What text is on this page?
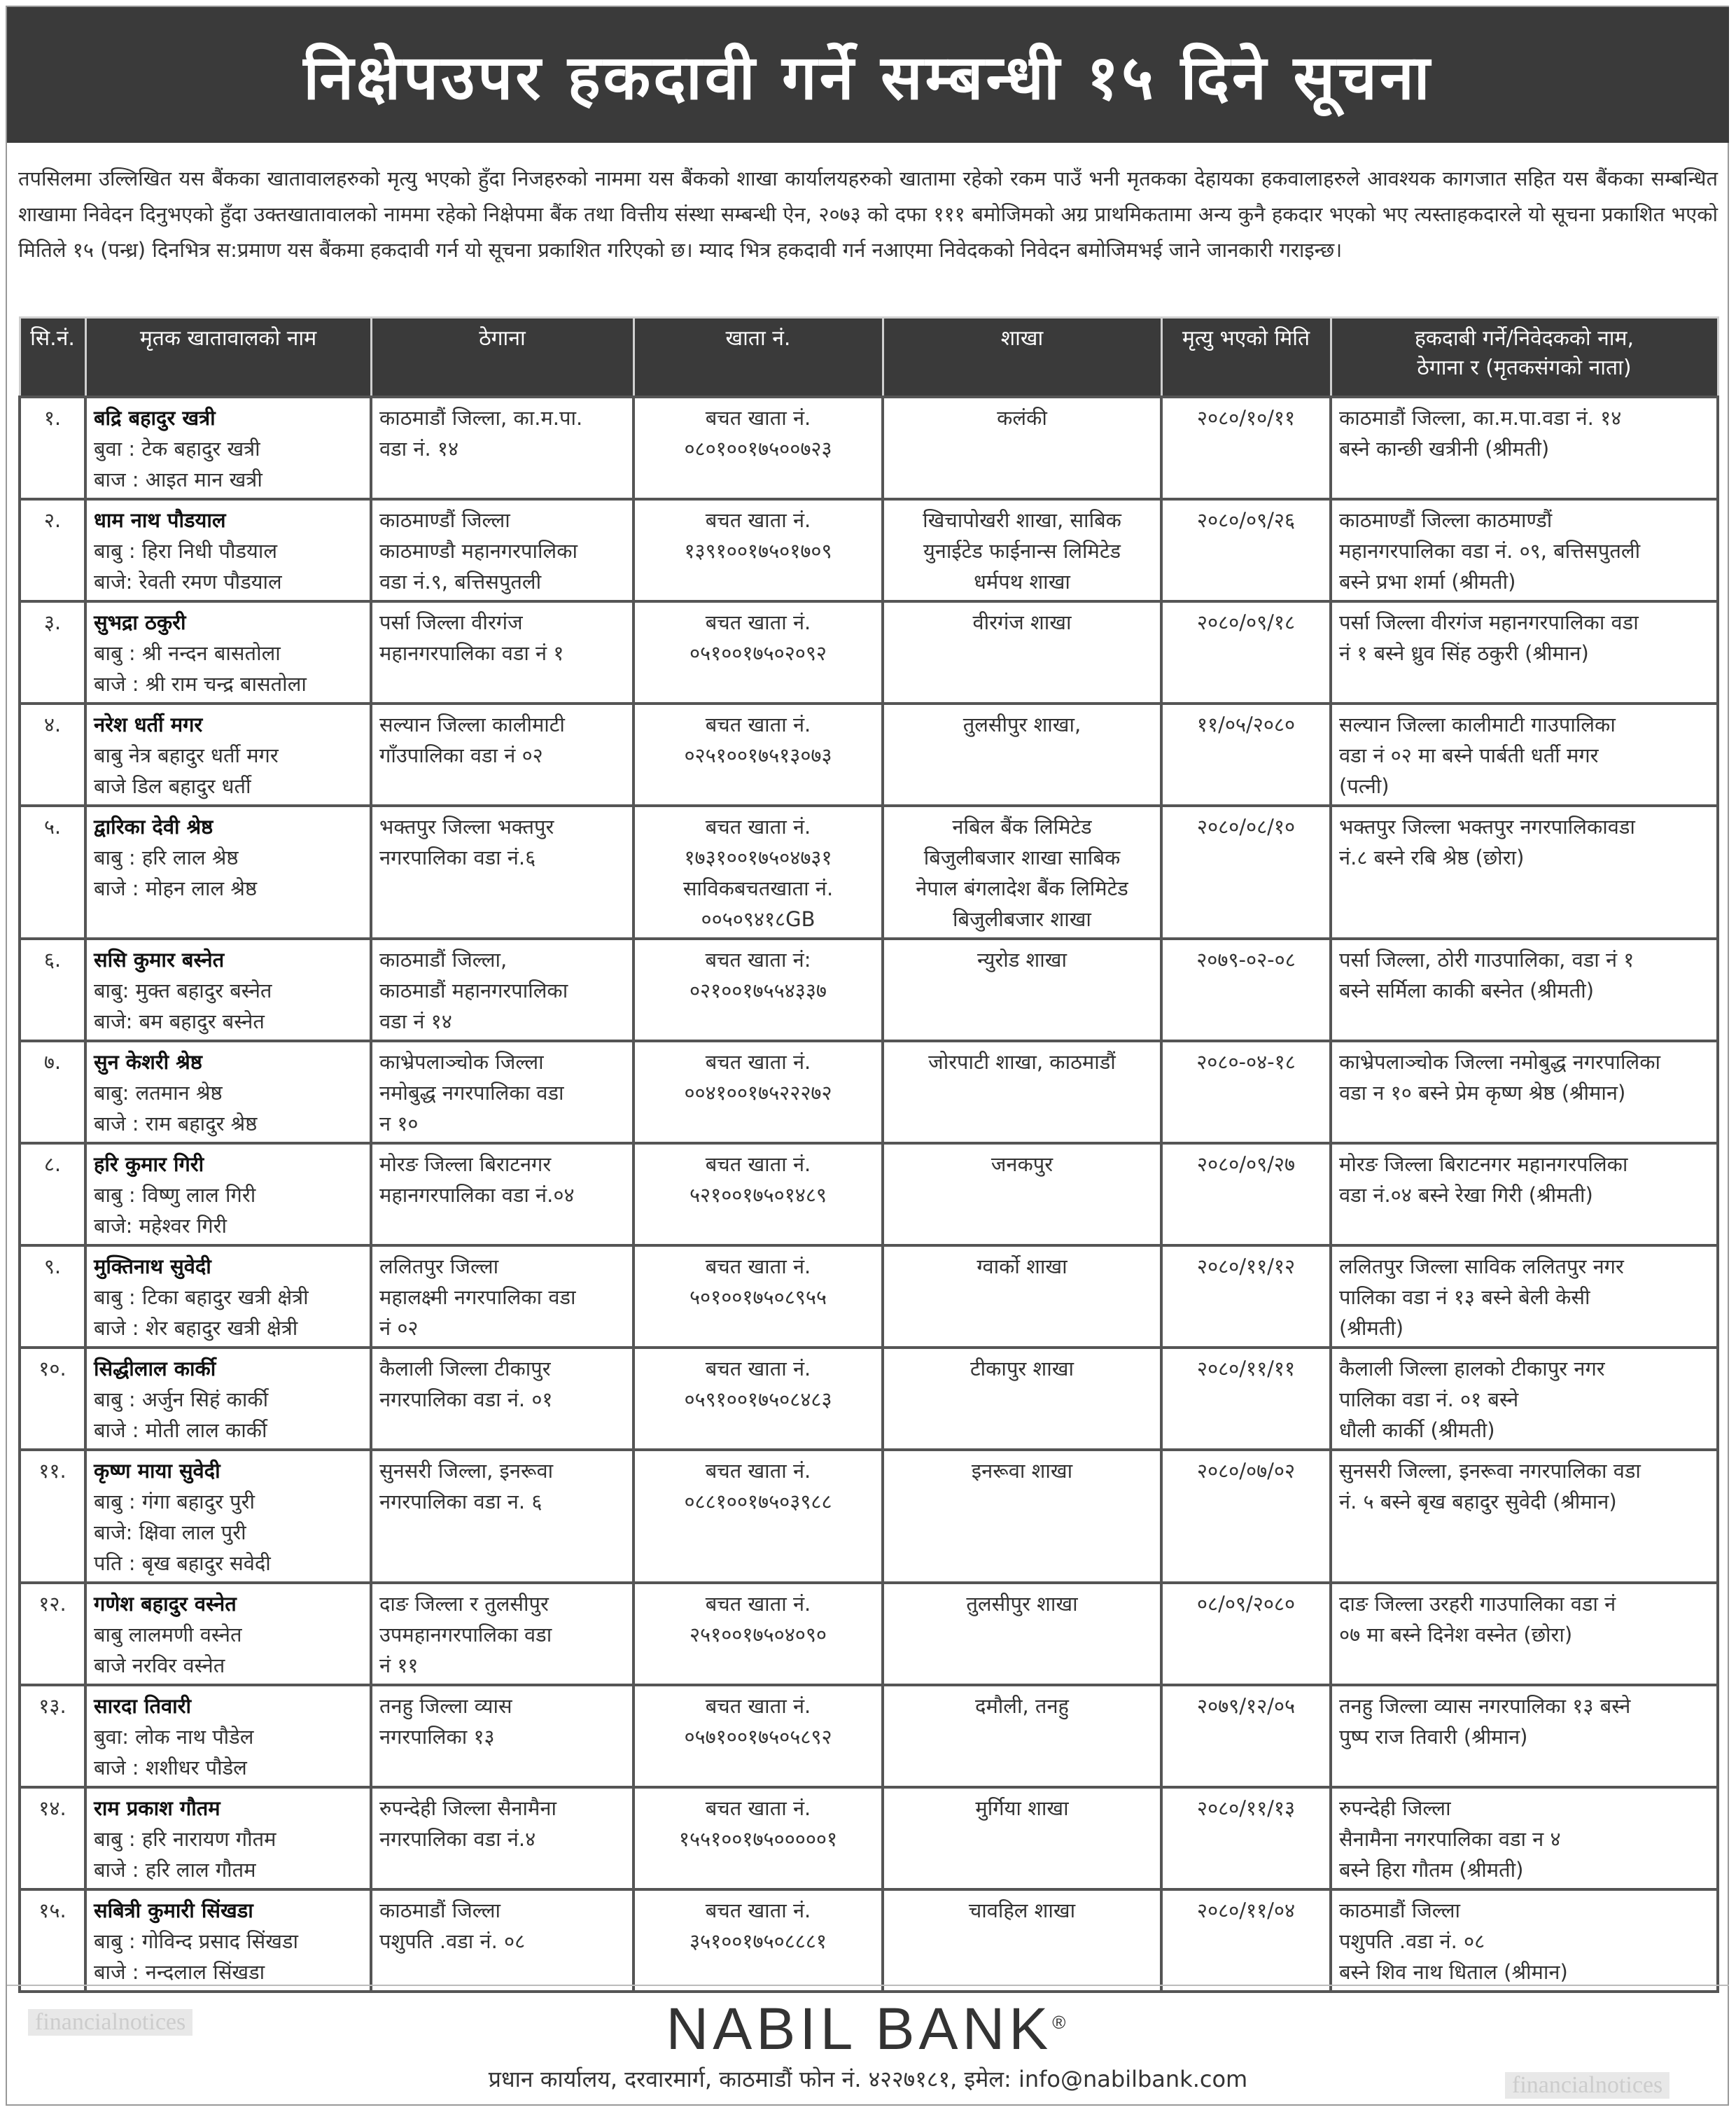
निक्षेपउपर हकदावी गर्ने सम्बन्धी १५ दिने सूचना
तपसिलमा उल्लिखित यस बैंकका खातावालहरुको मृत्यु भएको हुँदा निजहरुको नाममा यस बैंकको शाखा कार्यालयहरुको खातामा रहेको रकम पाउँ भनी मृतकका देहायका हकवालाहरुले आवश्यक कागजात सहित यस बैंकका सम्बन्धित शाखामा निवेदन दिनुभएको हुँदा उक्तखातावालको नाममा रहेको निक्षेपमा बैंक तथा वित्तीय संस्था सम्बन्धी ऐन, २०७३ को दफा १११ बमोजिमको अग्र प्राथमिकतामा अन्य कुनै हकदार भएको भए त्यस्ताहकदारले यो सूचना प्रकाशित भएको मितिले १५ (पन्ध्र) दिनभित्र स:प्रमाण यस बैंकमा हकदावी गर्न यो सूचना प्रकाशित गरिएको छ। म्याद भित्र हकदावी गर्न नआएमा निवेदकको निवेदन बमोजिमभई जाने जानकारी गराइन्छ।
सि.नं.	मृतक खातावालको नाम	ठेगाना	खाता नं.	शाखा	मृत्यु भएको मिति	हकदाबी गर्ने/निवेदकको नाम,
ठेगाना र (मृतकसंगको नाता)
१.	बद्रि बहादुर खत्री
बुवा : टेक बहादुर खत्री
बाज : आइत मान खत्री	काठमाडौं जिल्ला, का.म.पा.
वडा नं. १४	बचत खाता नं.
०८०१००१७५००७२३	कलंकी	२०८०/१०/११	काठमाडौं जिल्ला, का.म.पा.वडा नं. १४
बस्ने कान्छी खत्रीनी (श्रीमती)
२.	धाम नाथ पौडयाल
बाबु : हिरा निधी पौडयाल
बाजे: रेवती रमण पौडयाल	काठमाण्डौं जिल्ला
काठमाण्डौ महानगरपालिका
वडा नं.९, बत्तिसपुतली	बचत खाता नं.
१३९१००१७५०१७०९	खिचापोखरी शाखा, साबिक
युनाईटेड फाईनान्स लिमिटेड
धर्मपथ शाखा	२०८०/०९/२६	काठमाण्डौं जिल्ला काठमाण्डौं
महानगरपालिका वडा नं. ०९, बत्तिसपुतली
बस्ने प्रभा शर्मा (श्रीमती)
३.	सुभद्रा ठकुरी
बाबु : श्री नन्दन बासतोला
बाजे : श्री राम चन्द्र बासतोला	पर्सा जिल्ला वीरगंज
महानगरपालिका वडा नं १	बचत खाता नं.
०५१००१७५०२०९२	वीरगंज शाखा	२०८०/०९/१८	पर्सा जिल्ला वीरगंज महानगरपालिका वडा
नं १ बस्ने ध्रुव सिंह ठकुरी (श्रीमान)
४.	नरेश धर्ती मगर
बाबु नेत्र बहादुर धर्ती मगर
बाजे डिल बहादुर धर्ती	सल्यान जिल्ला कालीमाटी
गाँउपालिका वडा नं ०२	बचत खाता नं.
०२५१००१७५१३०७३	तुलसीपुर शाखा,	११/०५/२०८०	सल्यान जिल्ला कालीमाटी गाउपालिका
वडा नं ०२ मा बस्ने पार्बती धर्ती मगर
(पत्नी)
५.	द्वारिका देवी श्रेष्ठ
बाबु : हरि लाल श्रेष्ठ
बाजे : मोहन लाल श्रेष्ठ	भक्तपुर जिल्ला भक्तपुर
नगरपालिका वडा नं.६	बचत खाता नं.
१७३१००१७५०४७३१
साविकबचतखाता नं.
००५०९४१८GB	नबिल बैंक लिमिटेड
बिजुलीबजार शाखा साबिक
नेपाल बंगलादेश बैंक लिमिटेड
बिजुलीबजार शाखा	२०८०/०८/१०	भक्तपुर जिल्ला भक्तपुर नगरपालिकावडा
नं.८ बस्ने रबि श्रेष्ठ (छोरा)
६.	ससि कुमार बस्नेत
बाबु: मुक्त बहादुर बस्नेत
बाजे: बम बहादुर बस्नेत	काठमाडौं जिल्ला,
काठमाडौं महानगरपालिका
वडा नं १४	बचत खाता नं:
०२१००१७५५४३३७	न्युरोड शाखा	२०७९-०२-०८	पर्सा जिल्ला, ठोरी गाउपालिका, वडा नं १
बस्ने सर्मिला काकी बस्नेत (श्रीमती)
७.	सुन केशरी श्रेष्ठ
बाबु: लतमान श्रेष्ठ
बाजे : राम बहादुर श्रेष्ठ	काभ्रेपलाञ्चोक जिल्ला
नमोबुद्ध नगरपालिका वडा
न १०	बचत खाता नं.
००४१००१७५२२२७२	जोरपाटी शाखा, काठमाडौं	२०८०-०४-१८	काभ्रेपलाञ्चोक जिल्ला नमोबुद्ध नगरपालिका
वडा न १० बस्ने प्रेम कृष्ण श्रेष्ठ (श्रीमान)
८.	हरि कुमार गिरी
बाबु : विष्णु लाल गिरी
बाजे: महेश्वर गिरी	मोरङ जिल्ला बिराटनगर
महानगरपालिका वडा नं.०४	बचत खाता नं.
५२१००१७५०१४८९	जनकपुर	२०८०/०९/२७	मोरङ जिल्ला बिराटनगर महानगरपलिका
वडा नं.०४ बस्ने रेखा गिरी (श्रीमती)
९.	मुक्तिनाथ सुवेदी
बाबु : टिका बहादुर खत्री क्षेत्री
बाजे : शेर बहादुर खत्री क्षेत्री	ललितपुर जिल्ला
महालक्ष्मी नगरपालिका वडा
नं ०२	बचत खाता नं.
५०१००१७५०८९५५	ग्वार्को शाखा	२०८०/११/१२	ललितपुर जिल्ला साविक ललितपुर नगर
पालिका वडा नं १३ बस्ने बेली केसी
(श्रीमती)
१०.	सिद्धीलाल कार्की
बाबु : अर्जुन सिहं कार्की
बाजे : मोती लाल कार्की	कैलाली जिल्ला टीकापुर
नगरपालिका वडा नं. ०१	बचत खाता नं.
०५९१००१७५०८४८३	टीकापुर शाखा	२०८०/११/११	कैलाली जिल्ला हालको टीकापुर नगर
पालिका वडा नं. ०१ बस्ने
धौली कार्की (श्रीमती)
११.	कृष्ण माया सुवेदी
बाबु : गंगा बहादुर पुरी
बाजे: क्षिवा लाल पुरी
पति : बृख बहादुर सवेदी	सुनसरी जिल्ला, इनरूवा
नगरपालिका वडा न. ६	बचत खाता नं.
०८८१००१७५०३९८८	इनरूवा शाखा	२०८०/०७/०२	सुनसरी जिल्ला, इनरूवा नगरपालिका वडा
नं. ५ बस्ने बृख बहादुर सुवेदी (श्रीमान)
१२.	गणेश बहादुर वस्नेत
बाबु लालमणी वस्नेत
बाजे नरविर वस्नेत	दाङ जिल्ला र तुलसीपुर
उपमहानगरपालिका वडा
नं ११	बचत खाता नं.
२५१००१७५०४०९०	तुलसीपुर शाखा	०८/०९/२०८०	दाङ जिल्ला उरहरी गाउपालिका वडा नं
०७ मा बस्ने दिनेश वस्नेत (छोरा)
१३.	सारदा तिवारी
बुवा: लोक नाथ पौडेल
बाजे : शशीधर पौडेल	तनहु जिल्ला व्यास
नगरपालिका १३	बचत खाता नं.
०५७१००१७५०५८९२	दमौली, तनहु	२०७९/१२/०५	तनहु जिल्ला व्यास नगरपालिका १३ बस्ने
पुष्प राज तिवारी (श्रीमान)
१४.	राम प्रकाश गौतम
बाबु : हरि नारायण गौतम
बाजे : हरि लाल गौतम	रुपन्देही जिल्ला सैनामैना
नगरपालिका वडा नं.४	बचत खाता नं.
१५५१००१७५०००००१	मुर्गिया शाखा	२०८०/११/१३	रुपन्देही जिल्ला
सैनामैना नगरपालिका वडा न ४
बस्ने हिरा गौतम (श्रीमती)
१५.	सबित्री कुमारी सिंखडा
बाबु : गोविन्द प्रसाद सिंखडा
बाजे : नन्दलाल सिंखडा	काठमाडौं जिल्ला
पशुपति .वडा नं. ०८	बचत खाता नं.
३५१००१७५०८८८१	चावहिल शाखा	२०८०/११/०४	काठमाडौं जिल्ला
पशुपति .वडा नं. ०८
बस्ने शिव नाथ धिताल (श्रीमान)
financialnotices
financialnotices
NABIL BANK®
प्रधान कार्यालय, दरवारमार्ग, काठमाडौं फोन नं. ४२२७१८१, इमेल: info@nabilbank.com
